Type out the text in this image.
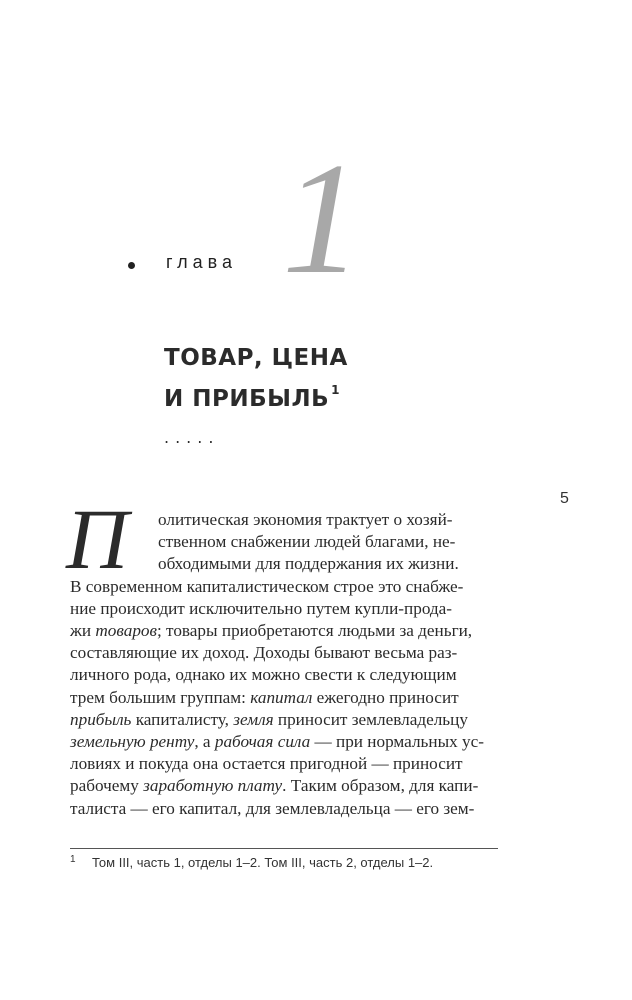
глава 1
ТОВАР, ЦЕНА
И ПРИБЫЛЬ $^1$
.....
5
П олитическая экономия трактует о хозяй-
ственном снабжении людей благами, не-
обходимыми для поддержания их жизни.
В современном капиталистическом строе это снабже-
ние происходит исключительно путем купли-прода-
жи товаров; товары приобретаются людьми за деньги,
составляющие их доход. Доходы бывают весьма раз-
личного рода, однако их можно свести к следующим
трем большим группам: капитал ежегодно приносит
прибыль капиталисту, земля приносит землевладельцу
земельную ренту, а рабочая сила — при нормальных ус-
ловиях и покуда она остается пригодной — приносит
рабочему заработную плату. Таким образом, для капи-
талиста — его капитал, для землевладельца — его зем-
1 Том III, часть 1, отделы 1–2. Том III, часть 2, отделы 1–2.
